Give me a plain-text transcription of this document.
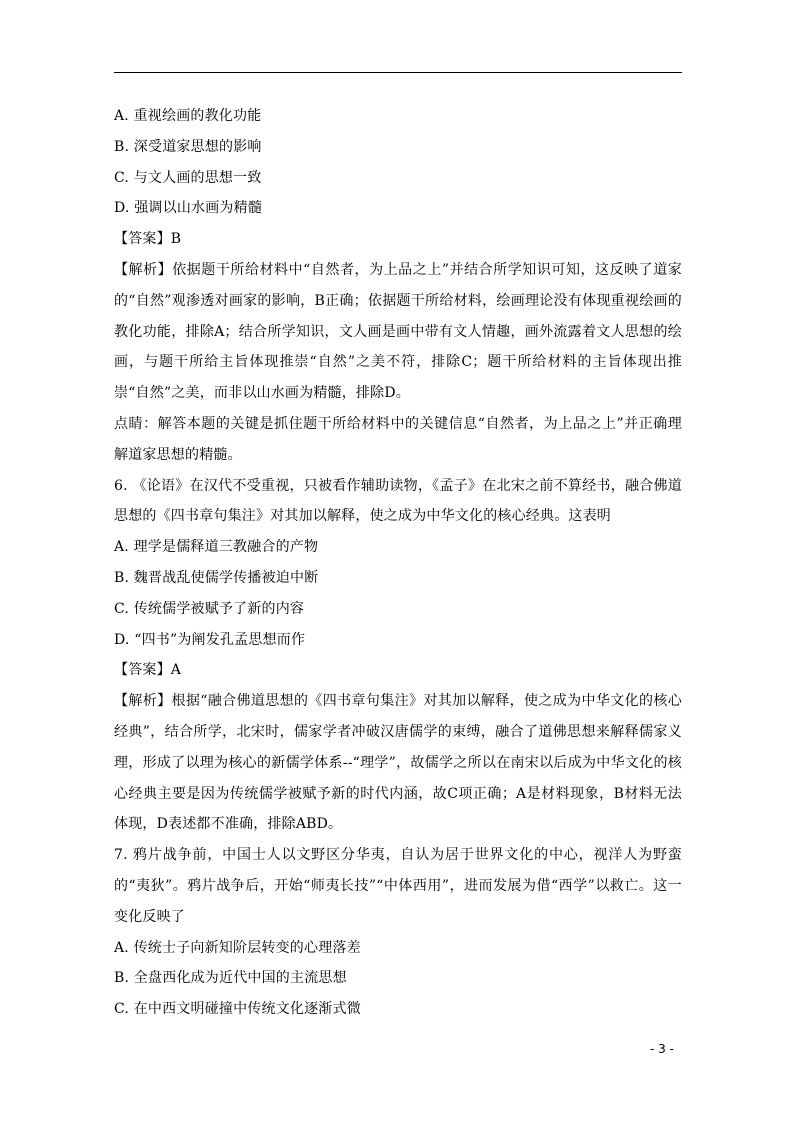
A. 重视绘画的教化功能
B. 深受道家思想的影响
C. 与文人画的思想一致
D. 强调以山水画为精髓
【答案】B
【解析】依据题干所给材料中“自然者，为上品之上”并结合所学知识可知，这反映了道家的“自然”观渗透对画家的影响，B正确；依据题干所给材料，绘画理论没有体现重视绘画的教化功能，排除A；结合所学知识，文人画是画中带有文人情趣，画外流露着文人思想的绘画，与题干所给主旨体现推崇“自然”之美不符，排除C；题干所给材料的主旨体现出推崇“自然”之美，而非以山水画为精髓，排除D。
点睛：解答本题的关键是抓住题干所给材料中的关键信息“自然者，为上品之上”并正确理解道家思想的精髓。
6. 《论语》在汉代不受重视，只被看作辅助读物，《孟子》在北宋之前不算经书，融合佛道思想的《四书章句集注》对其加以解释，使之成为中华文化的核心经典。这表明
A. 理学是儒释道三教融合的产物
B. 魏晋战乱使儒学传播被迫中断
C. 传统儒学被赋予了新的内容
D. “四书”为阐发孔孟思想而作
【答案】A
【解析】根据“融合佛道思想的《四书章句集注》对其加以解释，使之成为中华文化的核心经典”，结合所学，北宋时，儒家学者冲破汉唐儒学的束缚，融合了道佛思想来解释儒家义理，形成了以理为核心的新儒学体系--“理学”，故儒学之所以在南宋以后成为中华文化的核心经典主要是因为传统儒学被赋予新的时代内涵，故C项正确；A是材料现象，B材料无法体现，D表述都不准确，排除ABD。
7. 鸦片战争前，中国士人以文野区分华夷，自认为居于世界文化的中心，视洋人为野蛮的“夷狄”。鸦片战争后，开始“师夷长技”“中体西用”，进而发展为借“西学”以救亡。这一变化反映了
A. 传统士子向新知阶层转变的心理落差
B. 全盘西化成为近代中国的主流思想
C. 在中西文明碰撞中传统文化逐渐式微
- 3 -
